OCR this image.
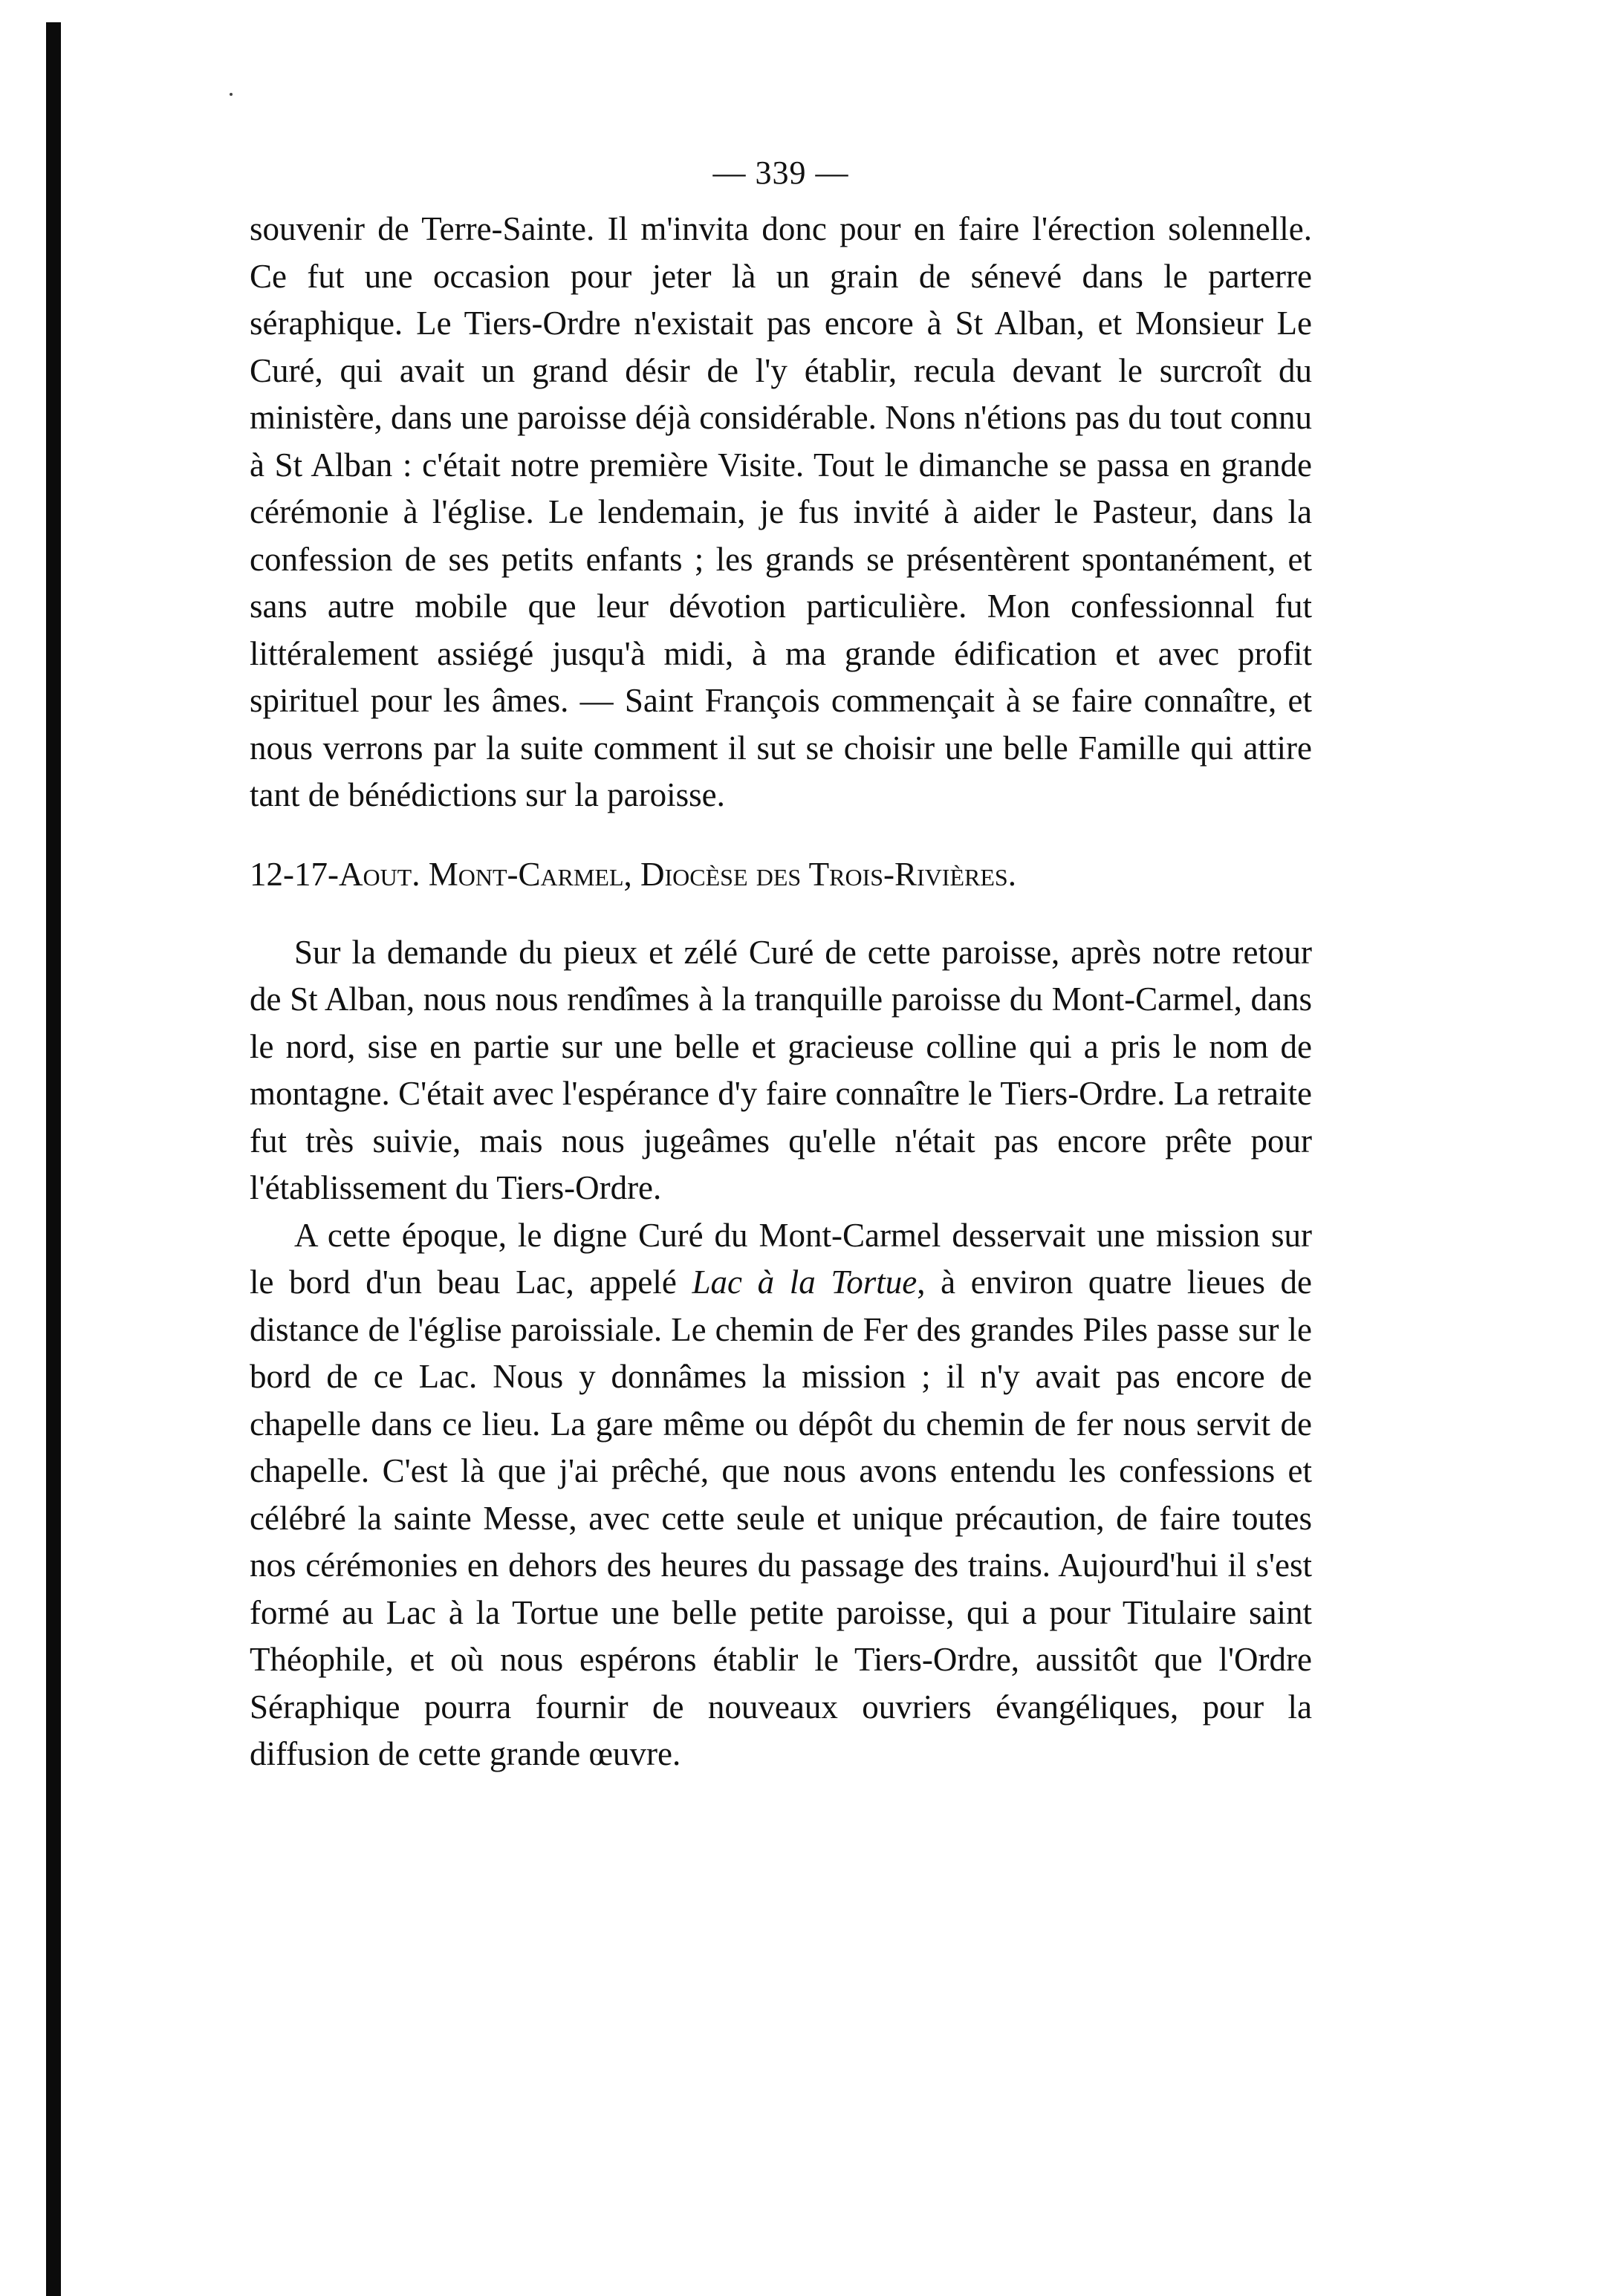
— 339 —

souvenir de Terre-Sainte. Il m'invita donc pour en faire l'érection solennelle. Ce fut une occasion pour jeter là un grain de sénevé dans le parterre séraphique. Le Tiers-Ordre n'existait pas encore à St Alban, et Monsieur Le Curé, qui avait un grand désir de l'y établir, recula devant le surcroît du ministère, dans une paroisse déjà considérable. Nons n'étions pas du tout connu à St Alban : c'était notre première Visite. Tout le dimanche se passa en grande cérémonie à l'église. Le lendemain, je fus invité à aider le Pasteur, dans la confession de ses petits enfants ; les grands se présentèrent spontanément, et sans autre mobile que leur dévotion particulière. Mon confessionnal fut littéralement assiégé jusqu'à midi, à ma grande édification et avec profit spirituel pour les âmes. — Saint François commençait à se faire connaître, et nous verrons par la suite comment il sut se choisir une belle Famille qui attire tant de bénédictions sur la paroisse.

12-17-Aout. Mont-Carmel, Diocèse des Trois-Rivières.

Sur la demande du pieux et zélé Curé de cette paroisse, après notre retour de St Alban, nous nous rendîmes à la tranquille paroisse du Mont-Carmel, dans le nord, sise en partie sur une belle et gracieuse colline qui a pris le nom de montagne. C'était avec l'espérance d'y faire connaître le Tiers-Ordre. La retraite fut très suivie, mais nous jugeâmes qu'elle n'était pas encore prête pour l'établissement du Tiers-Ordre.

A cette époque, le digne Curé du Mont-Carmel desservait une mission sur le bord d'un beau Lac, appelé Lac à la Tortue, à environ quatre lieues de distance de l'église paroissiale. Le chemin de Fer des grandes Piles passe sur le bord de ce Lac. Nous y donnâmes la mission ; il n'y avait pas encore de chapelle dans ce lieu. La gare même ou dépôt du chemin de fer nous servit de chapelle. C'est là que j'ai prêché, que nous avons entendu les confessions et célébré la sainte Messe, avec cette seule et unique précaution, de faire toutes nos cérémonies en dehors des heures du passage des trains. Aujourd'hui il s'est formé au Lac à la Tortue une belle petite paroisse, qui a pour Titulaire saint Théophile, et où nous espérons établir le Tiers-Ordre, aussitôt que l'Ordre Séraphique pourra fournir de nouveaux ouvriers évangéliques, pour la diffusion de cette grande œuvre.
